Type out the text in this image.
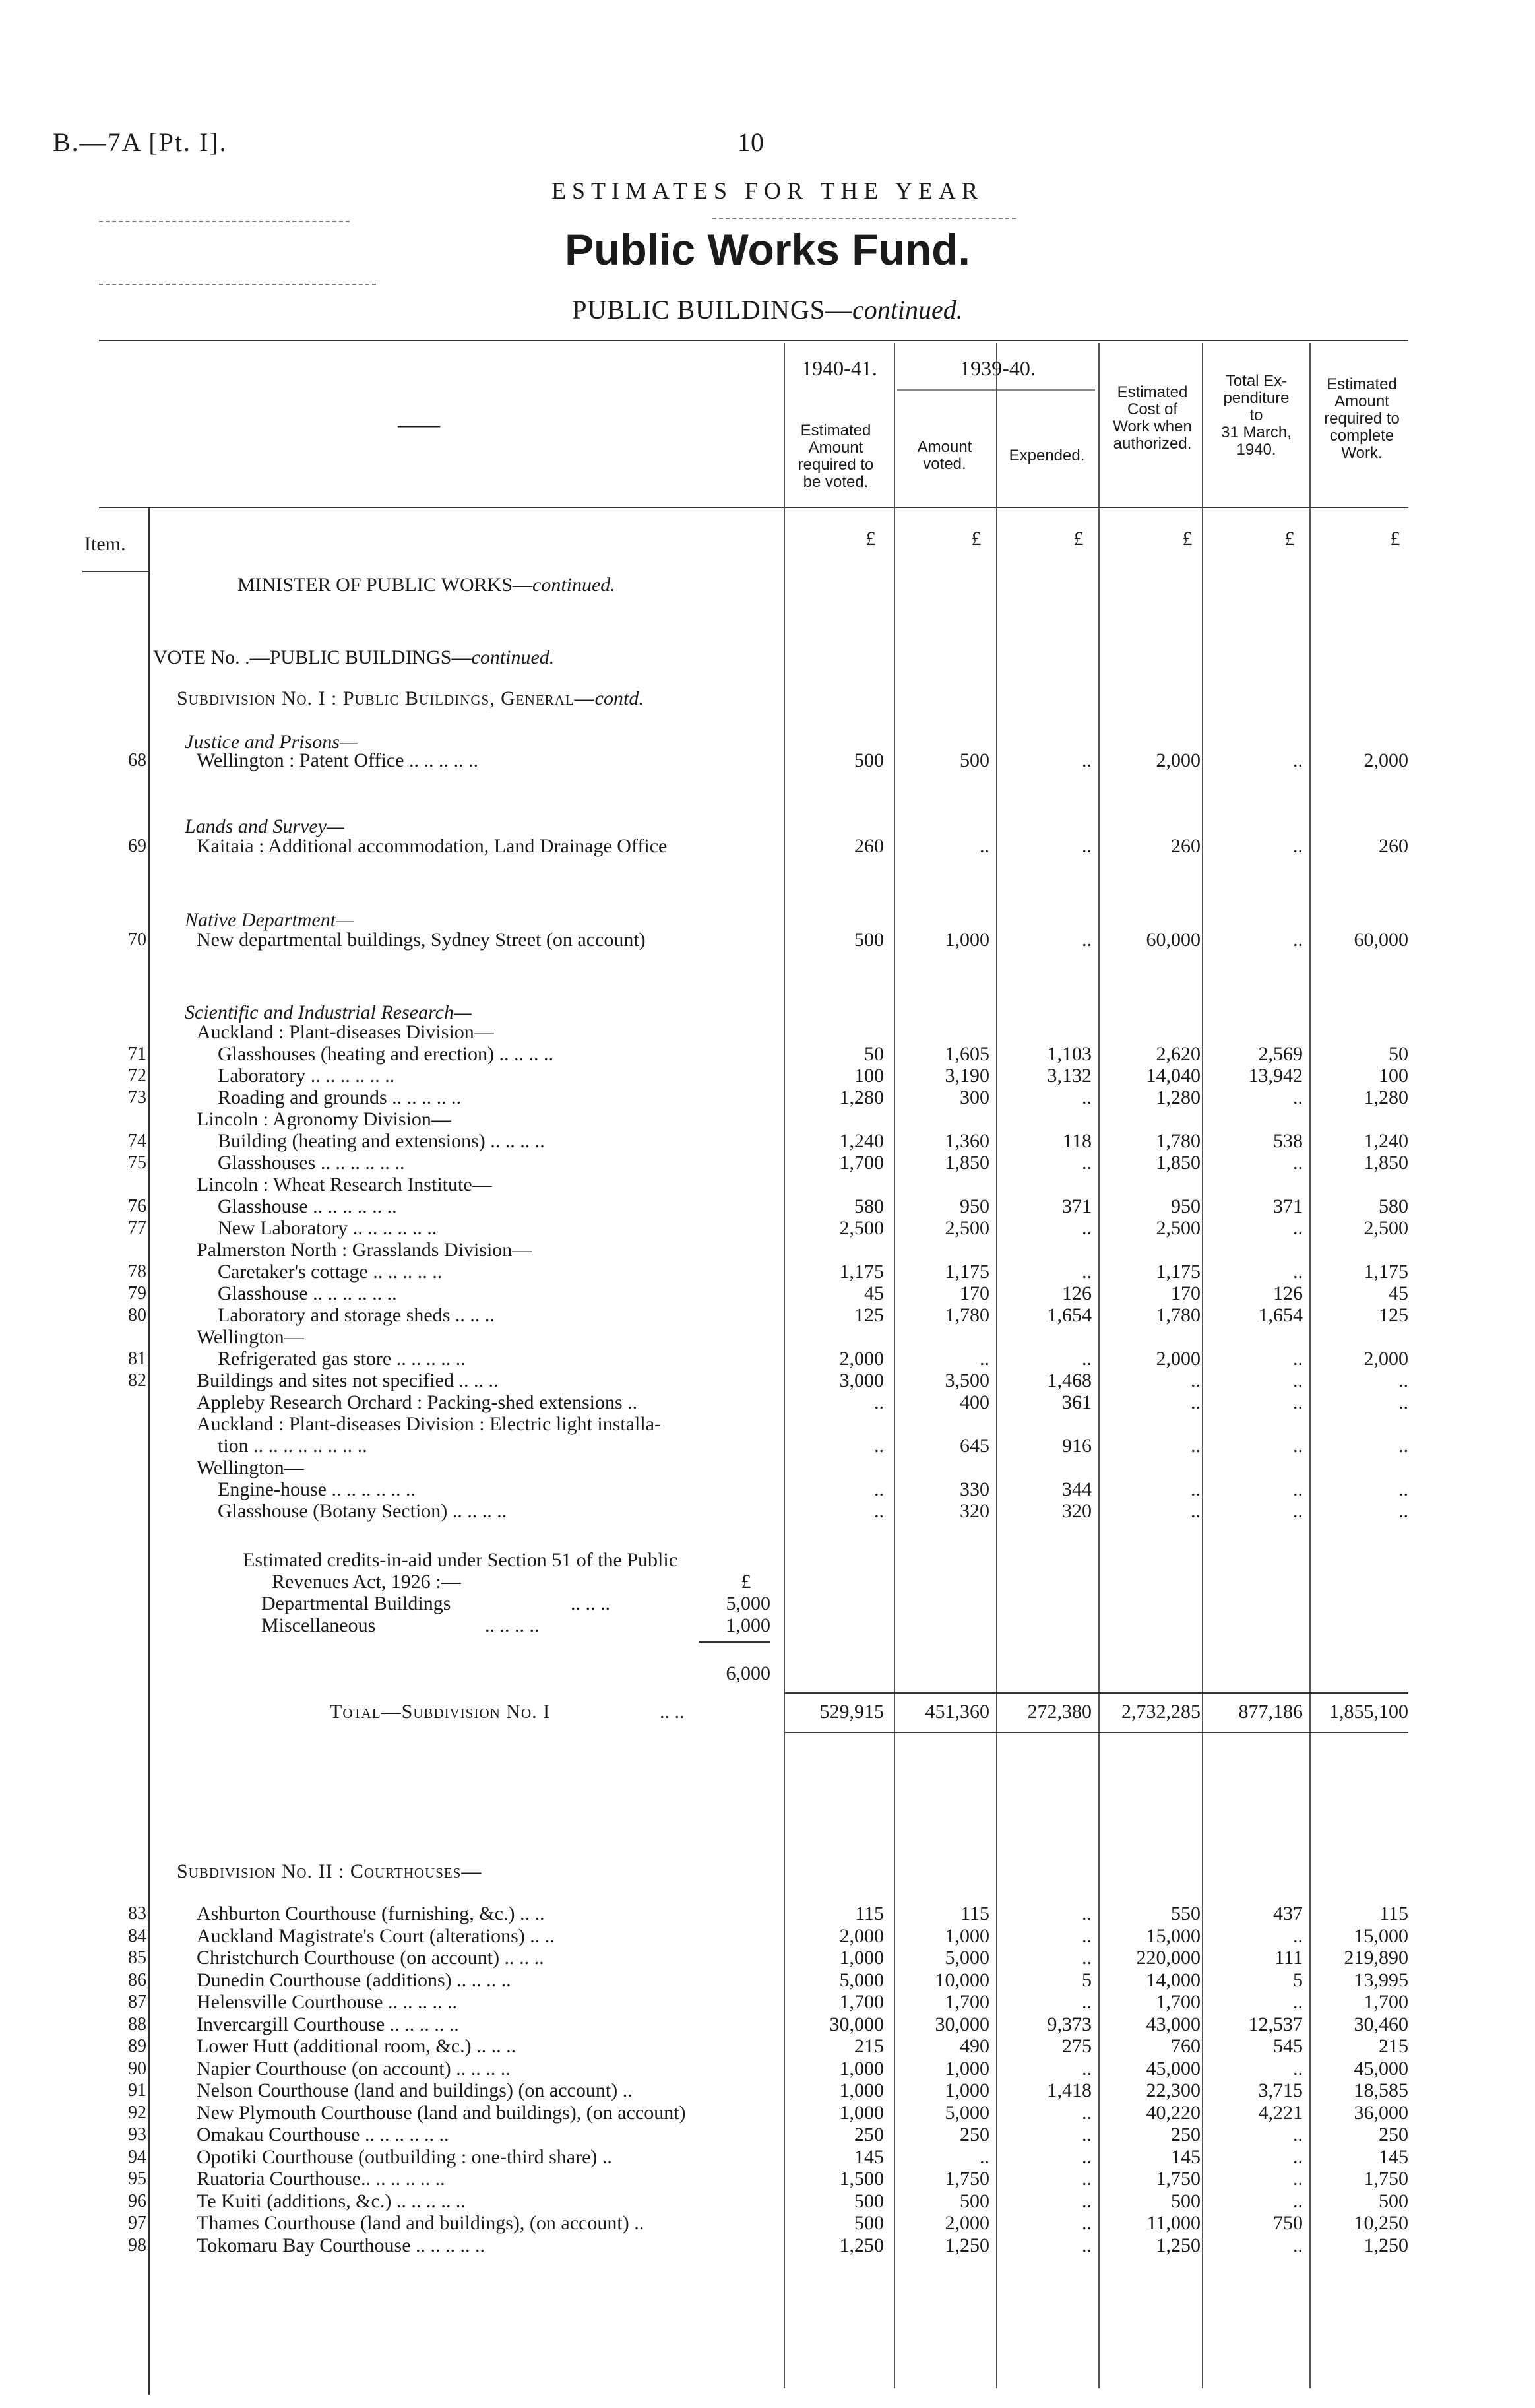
B.—7A [Pt. I].	10
ESTIMATES FOR THE YEAR
Public Works Fund.
PUBLIC BUILDINGS—continued.
1940-41.	1939-40.
——	Estimated
Amount
required to
be voted.
Amount
voted.	Expended.
Estimated
Cost of
Work when
authorized.
Total Ex-
penditure
to
31 March,
1940.
Estimated
Amount
required to
complete
Work.
£	£	£	£	£	£
Item.
MINISTER OF PUBLIC WORKS—continued.
VOTE No. .—PUBLIC BUILDINGS—continued.
Subdivision No. I : Public Buildings, General—contd.
Justice and Prisons—
Lands and Survey—
Native Department—
Scientific and Industrial Research—
68	Wellington : Patent Office .. .. .. .. ..	500	500	..	2,000	..	2,000
69	Kaitaia : Additional accommodation, Land Drainage Office	260	..	..	260	..	260
70	New departmental buildings, Sydney Street (on account)	500	1,000	..	60,000	..	60,000
Auckland : Plant-diseases Division—
71	Glasshouses (heating and erection) .. .. .. ..	50	1,605	1,103	2,620	2,569	50
72	Laboratory .. .. .. .. .. ..	100	3,190	3,132	14,040	13,942	100
73	Roading and grounds .. .. .. .. ..	1,280	300	..	1,280	..	1,280
Lincoln : Agronomy Division—
74	Building (heating and extensions) .. .. .. ..	1,240	1,360	118	1,780	538	1,240
75	Glasshouses .. .. .. .. .. ..	1,700	1,850	..	1,850	..	1,850
Lincoln : Wheat Research Institute—
76	Glasshouse .. .. .. .. .. ..	580	950	371	950	371	580
77	New Laboratory .. .. .. .. .. ..	2,500	2,500	..	2,500	..	2,500
Palmerston North : Grasslands Division—
78	Caretaker's cottage .. .. .. .. ..	1,175	1,175	..	1,175	..	1,175
79	Glasshouse .. .. .. .. .. ..	45	170	126	170	126	45
80	Laboratory and storage sheds .. .. ..	125	1,780	1,654	1,780	1,654	125
Wellington—
81	Refrigerated gas store .. .. .. .. ..	2,000	..	..	2,000	..	2,000
82	Buildings and sites not specified .. .. ..	3,000	3,500	1,468	..	..	..
Appleby Research Orchard : Packing-shed extensions ..	..	400	361	..	..	..
Auckland : Plant-diseases Division : Electric light installa-
tion .. .. .. .. .. .. .. ..	..	645	916	..	..	..
Wellington—
Engine-house .. .. .. .. .. ..	..	330	344	..	..	..
Glasshouse (Botany Section) .. .. .. ..	..	320	320	..	..	..
Estimated credits-in-aid under Section 51 of the Public
Revenues Act, 1926 :—	£
Departmental Buildings	.. .. ..	5,000
Miscellaneous	.. .. .. ..	1,000
6,000
Total—Subdivision No. I	.. ..	529,915	451,360	272,380	2,732,285	877,186	1,855,100
Subdivision No. II : Courthouses—
83	Ashburton Courthouse (furnishing, &c.) .. ..	115	115	..	550	437	115
84	Auckland Magistrate's Court (alterations) .. ..	2,000	1,000	..	15,000	..	15,000
85	Christchurch Courthouse (on account) .. .. ..	1,000	5,000	..	220,000	111	219,890
86	Dunedin Courthouse (additions) .. .. .. ..	5,000	10,000	5	14,000	5	13,995
87	Helensville Courthouse .. .. .. .. ..	1,700	1,700	..	1,700	..	1,700
88	Invercargill Courthouse .. .. .. .. ..	30,000	30,000	9,373	43,000	12,537	30,460
89	Lower Hutt (additional room, &c.) .. .. ..	215	490	275	760	545	215
90	Napier Courthouse (on account) .. .. .. ..	1,000	1,000	..	45,000	..	45,000
91	Nelson Courthouse (land and buildings) (on account) ..	1,000	1,000	1,418	22,300	3,715	18,585
92	New Plymouth Courthouse (land and buildings), (on account)	1,000	5,000	..	40,220	4,221	36,000
93	Omakau Courthouse .. .. .. .. .. ..	250	250	..	250	..	250
94	Opotiki Courthouse (outbuilding : one-third share) ..	145	..	..	145	..	145
95	Ruatoria Courthouse.. .. .. .. .. ..	1,500	1,750	..	1,750	..	1,750
96	Te Kuiti (additions, &c.) .. .. .. .. ..	500	500	..	500	..	500
97	Thames Courthouse (land and buildings), (on account) ..	500	2,000	..	11,000	750	10,250
98	Tokomaru Bay Courthouse .. .. .. .. ..	1,250	1,250	..	1,250	..	1,250
